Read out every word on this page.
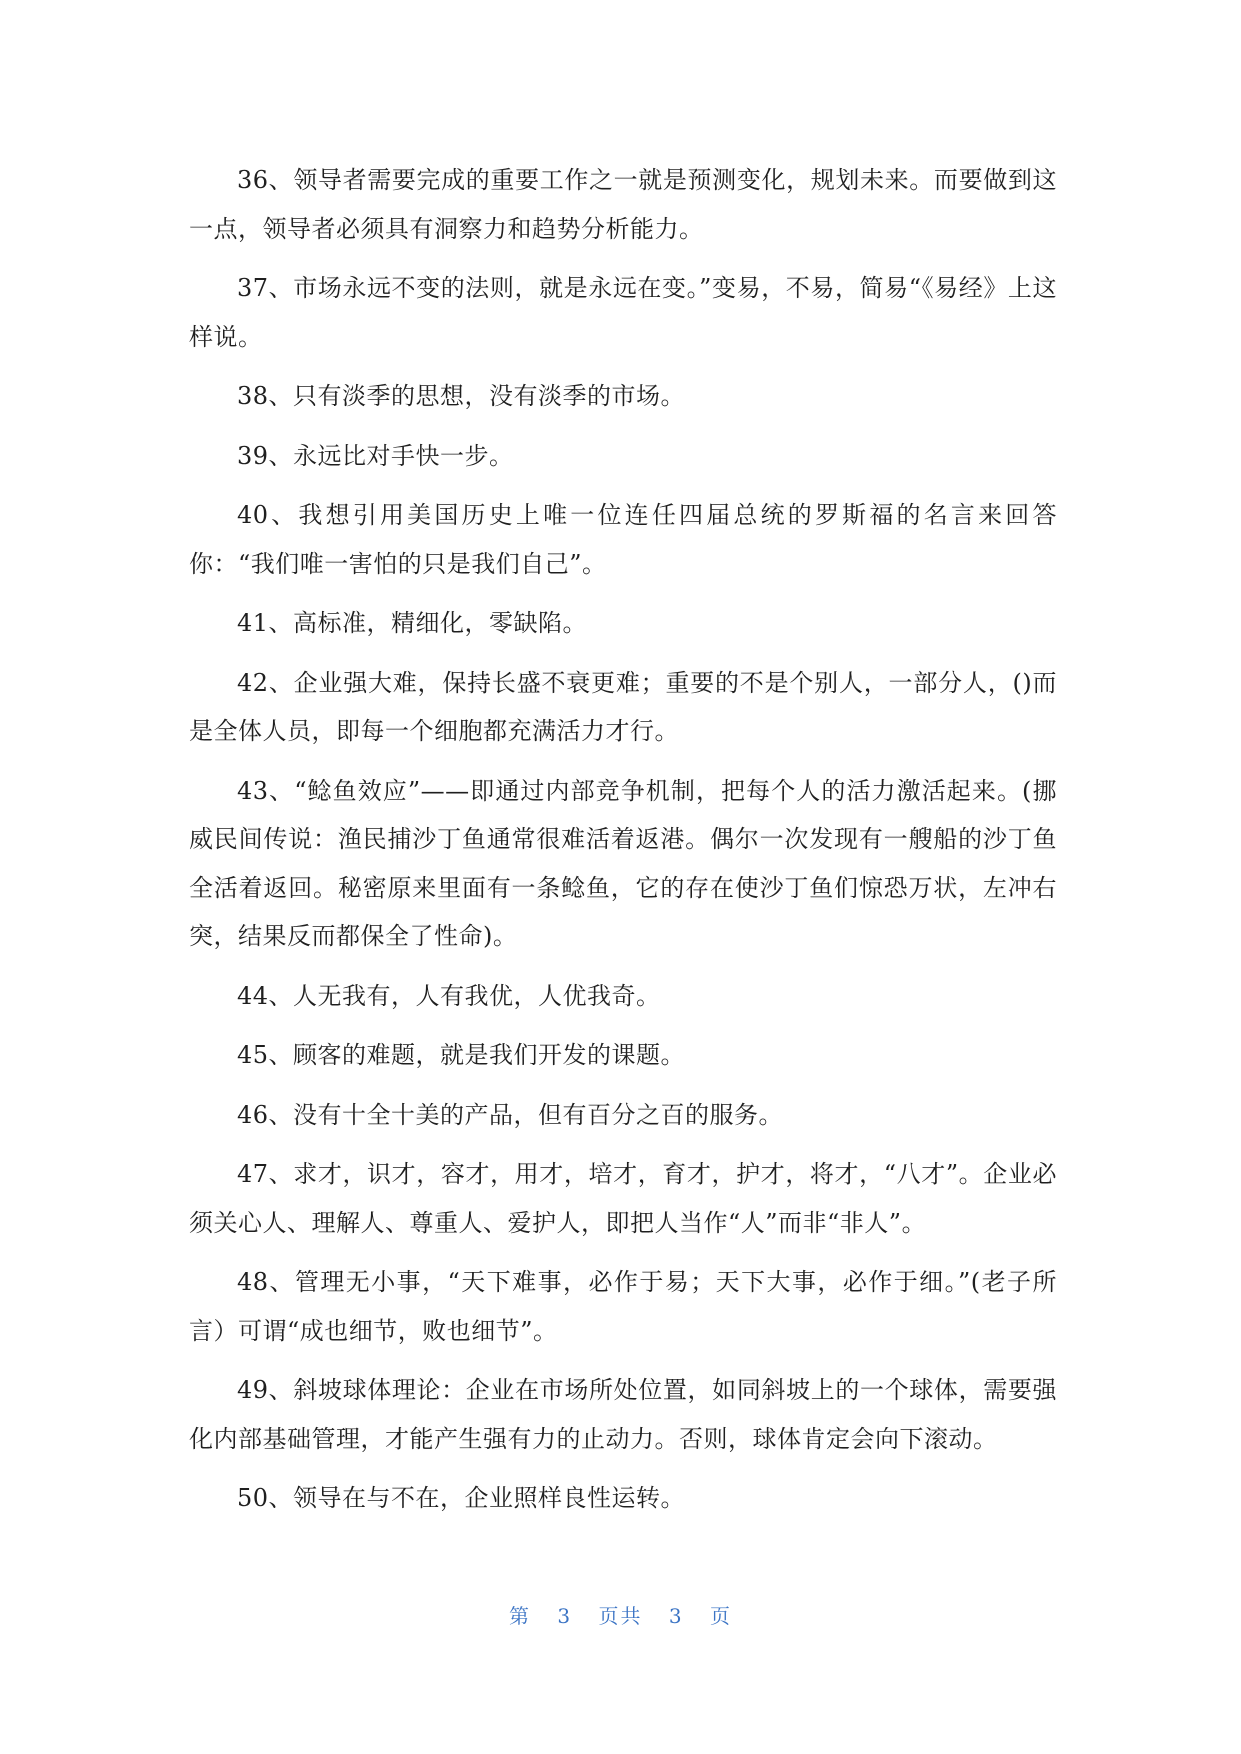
36、领导者需要完成的重要工作之一就是预测变化，规划未来。而要做到这一点，领导者必须具有洞察力和趋势分析能力。

37、市场永远不变的法则，就是永远在变。”变易，不易，简易“《易经》上这样说。

38、只有淡季的思想，没有淡季的市场。

39、永远比对手快一步。

40、我想引用美国历史上唯一位连任四届总统的罗斯福的名言来回答你：“我们唯一害怕的只是我们自己”。

41、高标准，精细化，零缺陷。

42、企业强大难，保持长盛不衰更难；重要的不是个别人，一部分人，()而是全体人员，即每一个细胞都充满活力才行。

43、“鲶鱼效应”——即通过内部竞争机制，把每个人的活力激活起来。(挪威民间传说：渔民捕沙丁鱼通常很难活着返港。偶尔一次发现有一艘船的沙丁鱼全活着返回。秘密原来里面有一条鲶鱼，它的存在使沙丁鱼们惊恐万状，左冲右突，结果反而都保全了性命)。

44、人无我有，人有我优，人优我奇。

45、顾客的难题，就是我们开发的课题。

46、没有十全十美的产品，但有百分之百的服务。

47、求才，识才，容才，用才，培才，育才，护才，将才，“八才”。企业必须关心人、理解人、尊重人、爱护人，即把人当作“人”而非“非人”。

48、管理无小事，“天下难事，必作于易；天下大事，必作于细。”(老子所言）可谓“成也细节，败也细节”。

49、斜坡球体理论：企业在市场所处位置，如同斜坡上的一个球体，需要强化内部基础管理，才能产生强有力的止动力。否则，球体肯定会向下滚动。

50、领导在与不在，企业照样良性运转。

第 3 页共 3 页
